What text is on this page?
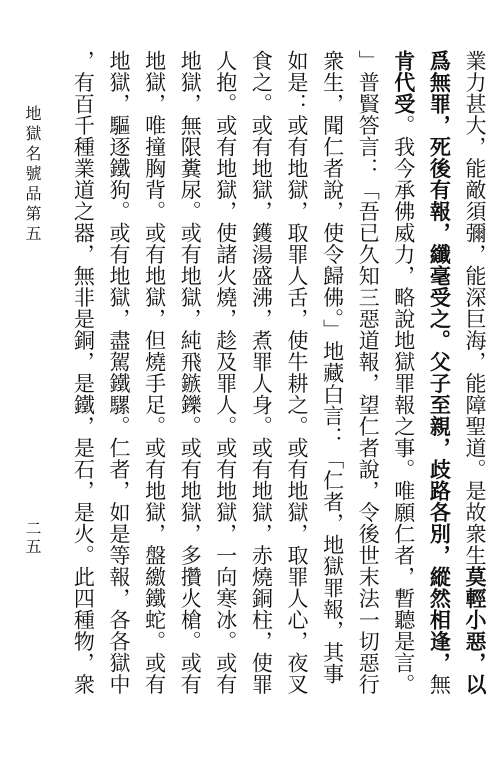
地獄名號品第五
二五	業力甚大，能敵須彌，能深巨海，能障聖道。是故衆生莫輕小惡，以
爲無罪，死後有報，纖毫受之。父子至親，歧路各別，縱然相逢，無
肯代受。我今承佛威力，略說地獄罪報之事。唯願仁者，暫聽是言。
」普賢答言：「吾已久知三惡道報，望仁者說，令後世末法一切惡行
衆生，聞仁者說，使令歸佛。」地藏白言：「仁者，地獄罪報，其事
如是：或有地獄，取罪人舌，使牛耕之。或有地獄，取罪人心，夜叉
食之。或有地獄，鑊湯盛沸，煮罪人身。或有地獄，赤燒銅柱，使罪
人抱。或有地獄，使諸火燒，趁及罪人。或有地獄，一向寒冰。或有
地獄，無限糞尿。或有地獄，純飛鏃鑠。或有地獄，多攢火槍。或有
地獄，唯撞胸背。或有地獄，但燒手足。或有地獄，盤繳鐵蛇。或有
地獄，驅逐鐵狗。或有地獄，盡駕鐵騾。仁者，如是等報，各各獄中
，有百千種業道之器，無非是銅，是鐵，是石，是火。此四種物，衆
